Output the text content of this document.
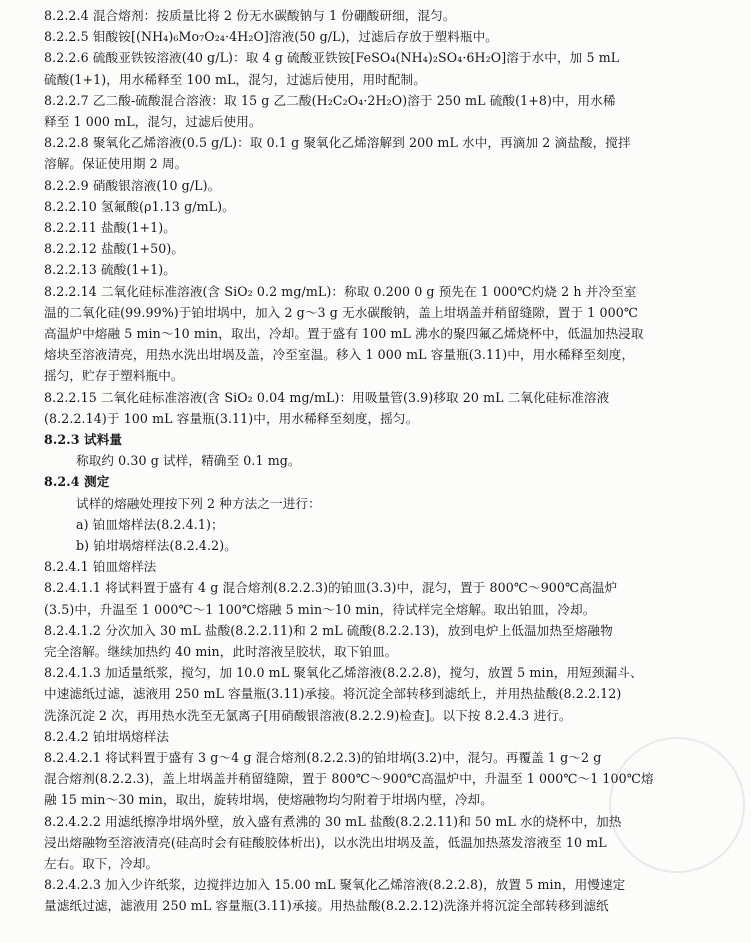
8.2.2.4 混合熔剂：按质量比将 2 份无水碳酸钠与 1 份硼酸研细，混匀。
8.2.2.5 钼酸铵[(NH₄)₆Mo₇O₂₄·4H₂O]溶液(50 g/L)，过滤后存放于塑料瓶中。
8.2.2.6 硫酸亚铁铵溶液(40 g/L)：取 4 g 硫酸亚铁铵[FeSO₄(NH₄)₂SO₄·6H₂O]溶于水中，加 5 mL
硫酸(1+1)，用水稀释至 100 mL，混匀，过滤后使用，用时配制。
8.2.2.7 乙二酸-硫酸混合溶液：取 15 g 乙二酸(H₂C₂O₄·2H₂O)溶于 250 mL 硫酸(1+8)中，用水稀
释至 1 000 mL，混匀，过滤后使用。
8.2.2.8 聚氧化乙烯溶液(0.5 g/L)：取 0.1 g 聚氧化乙烯溶解到 200 mL 水中，再滴加 2 滴盐酸，搅拌
溶解。保证使用期 2 周。
8.2.2.9 硝酸银溶液(10 g/L)。
8.2.2.10 氢氟酸(ρ1.13 g/mL)。
8.2.2.11 盐酸(1+1)。
8.2.2.12 盐酸(1+50)。
8.2.2.13 硫酸(1+1)。
8.2.2.14 二氧化硅标准溶液(含 SiO₂ 0.2 mg/mL)：称取 0.200 0 g 预先在 1 000℃灼烧 2 h 并冷至室
温的二氧化硅(99.99%)于铂坩埚中，加入 2 g～3 g 无水碳酸钠，盖上坩埚盖并稍留缝隙，置于 1 000℃
高温炉中熔融 5 min～10 min，取出，冷却。置于盛有 100 mL 沸水的聚四氟乙烯烧杯中，低温加热浸取
熔块至溶液清亮，用热水洗出坩埚及盖，冷至室温。移入 1 000 mL 容量瓶(3.11)中，用水稀释至刻度，
摇匀，贮存于塑料瓶中。
8.2.2.15 二氧化硅标准溶液(含 SiO₂ 0.04 mg/mL)：用吸量管(3.9)移取 20 mL 二氧化硅标准溶液
(8.2.2.14)于 100 mL 容量瓶(3.11)中，用水稀释至刻度，摇匀。
8.2.3 试料量
称取约 0.30 g 试样，精确至 0.1 mg。
8.2.4 测定
试样的熔融处理按下列 2 种方法之一进行：
a) 铂皿熔样法(8.2.4.1)；
b) 铂坩埚熔样法(8.2.4.2)。
8.2.4.1 铂皿熔样法
8.2.4.1.1 将试料置于盛有 4 g 混合熔剂(8.2.2.3)的铂皿(3.3)中，混匀，置于 800℃～900℃高温炉
(3.5)中，升温至 1 000℃～1 100℃熔融 5 min～10 min，待试样完全熔解。取出铂皿，冷却。
8.2.4.1.2 分次加入 30 mL 盐酸(8.2.2.11)和 2 mL 硫酸(8.2.2.13)，放到电炉上低温加热至熔融物
完全溶解。继续加热约 40 min，此时溶液呈胶状，取下铂皿。
8.2.4.1.3 加适量纸浆，搅匀，加 10.0 mL 聚氧化乙烯溶液(8.2.2.8)，搅匀，放置 5 min，用短颈漏斗、
中速滤纸过滤，滤液用 250 mL 容量瓶(3.11)承接。将沉淀全部转移到滤纸上，并用热盐酸(8.2.2.12)
洗涤沉淀 2 次，再用热水洗至无氯离子[用硝酸银溶液(8.2.2.9)检查]。以下按 8.2.4.3 进行。
8.2.4.2 铂坩埚熔样法
8.2.4.2.1 将试料置于盛有 3 g～4 g 混合熔剂(8.2.2.3)的铂坩埚(3.2)中，混匀。再覆盖 1 g～2 g
混合熔剂(8.2.2.3)，盖上坩埚盖并稍留缝隙，置于 800℃～900℃高温炉中，升温至 1 000℃～1 100℃熔
融 15 min～30 min，取出，旋转坩埚，使熔融物均匀附着于坩埚内壁，冷却。
8.2.4.2.2 用滤纸擦净坩埚外壁，放入盛有煮沸的 30 mL 盐酸(8.2.2.11)和 50 mL 水的烧杯中，加热
浸出熔融物至溶液清亮(硅高时会有硅酸胶体析出)，以水洗出坩埚及盖，低温加热蒸发溶液至 10 mL
左右。取下，冷却。
8.2.4.2.3 加入少许纸浆，边搅拌边加入 15.00 mL 聚氧化乙烯溶液(8.2.2.8)，放置 5 min，用慢速定
量滤纸过滤，滤液用 250 mL 容量瓶(3.11)承接。用热盐酸(8.2.2.12)洗涤并将沉淀全部转移到滤纸
